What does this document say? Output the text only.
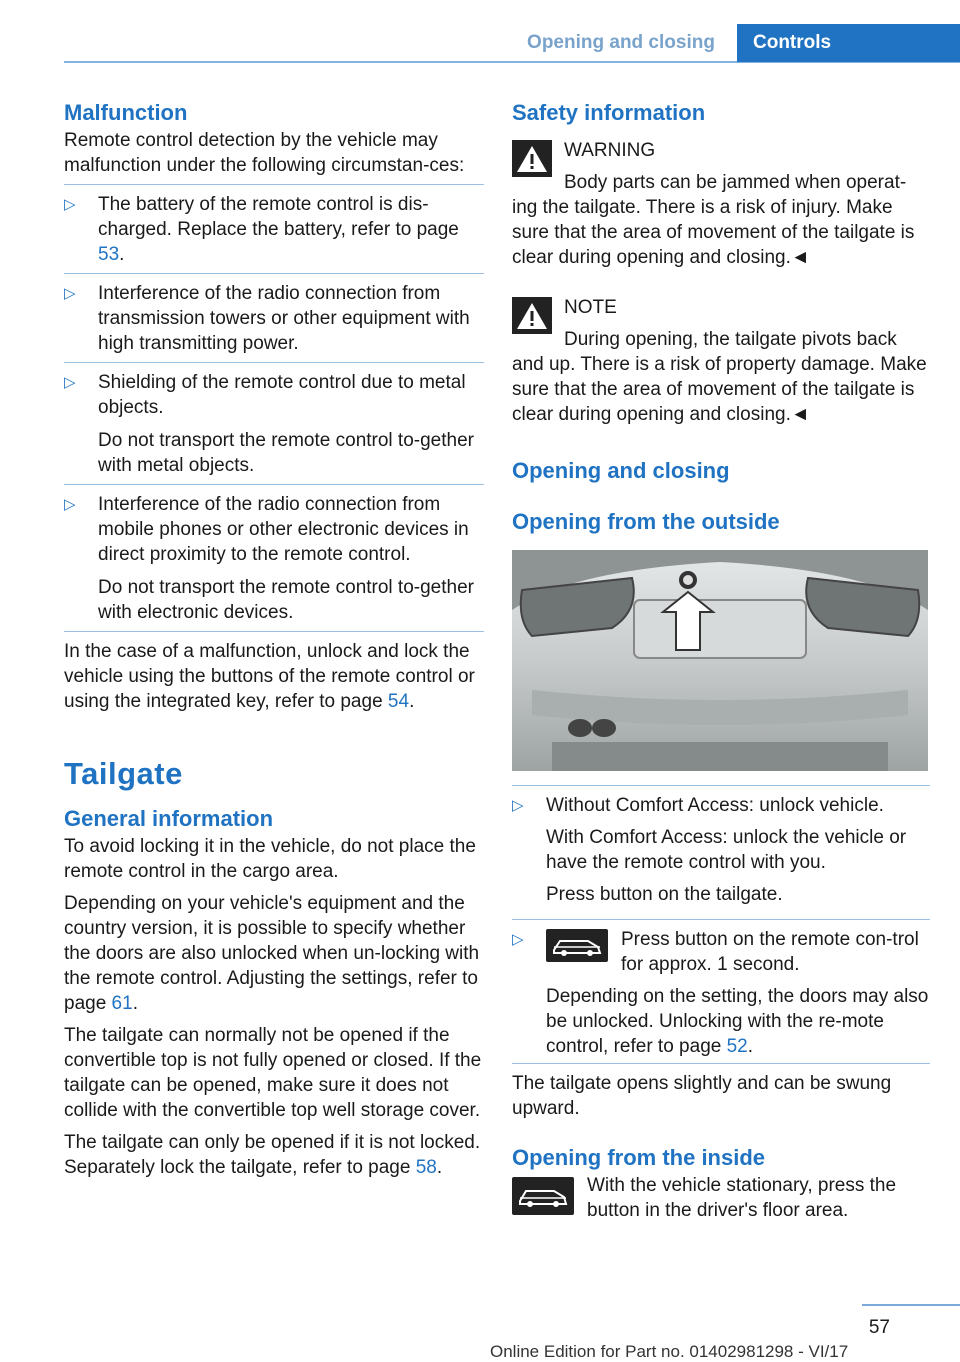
Opening and closing	Controls
Malfunction

Remote control detection by the vehicle may malfunction under the following circumstan-ces:

▷ The battery of the remote control is dis-charged. Replace the battery, refer to page 53.
▷ Interference of the radio connection from transmission towers or other equipment with high transmitting power.
▷ Shielding of the remote control due to metal objects.

Do not transport the remote control to-gether with metal objects.

▷ Interference of the radio connection from mobile phones or other electronic devices in direct proximity to the remote control.

Do not transport the remote control to-gether with electronic devices.

In the case of a malfunction, unlock and lock the vehicle using the buttons of the remote control or using the integrated key, refer to page 54.

Tailgate
General information

To avoid locking it in the vehicle, do not place the remote control in the cargo area.

Depending on your vehicle's equipment and the country version, it is possible to specify whether the doors are also unlocked when un-locking with the remote control. Adjusting the settings, refer to page 61.

The tailgate can normally not be opened if the convertible top is not fully opened or closed. If the tailgate can be opened, make sure it does not collide with the convertible top well storage cover.

The tailgate can only be opened if it is not locked. Separately lock the tailgate, refer to page 58.

Safety information

WARNING

Body parts can be jammed when operat-ing the tailgate. There is a risk of injury. Make sure that the area of movement of the tailgate is clear during opening and closing.◄

NOTE

During opening, the tailgate pivots back and up. There is a risk of property damage. Make sure that the area of movement of the tailgate is clear during opening and closing.◄

Opening and closing
Opening from the outside
▷ Without Comfort Access: unlock vehicle.

With Comfort Access: unlock the vehicle or have the remote control with you.

Press button on the tailgate.

▷	Press button on the remote con-trol for approx. 1 second.

Depending on the setting, the doors may also be unlocked. Unlocking with the re-mote control, refer to page 52.

The tailgate opens slightly and can be swung upward.

Opening from the inside

With the vehicle stationary, press the button in the driver's floor area.

57
Online Edition for Part no. 01402981298 - VI/17
